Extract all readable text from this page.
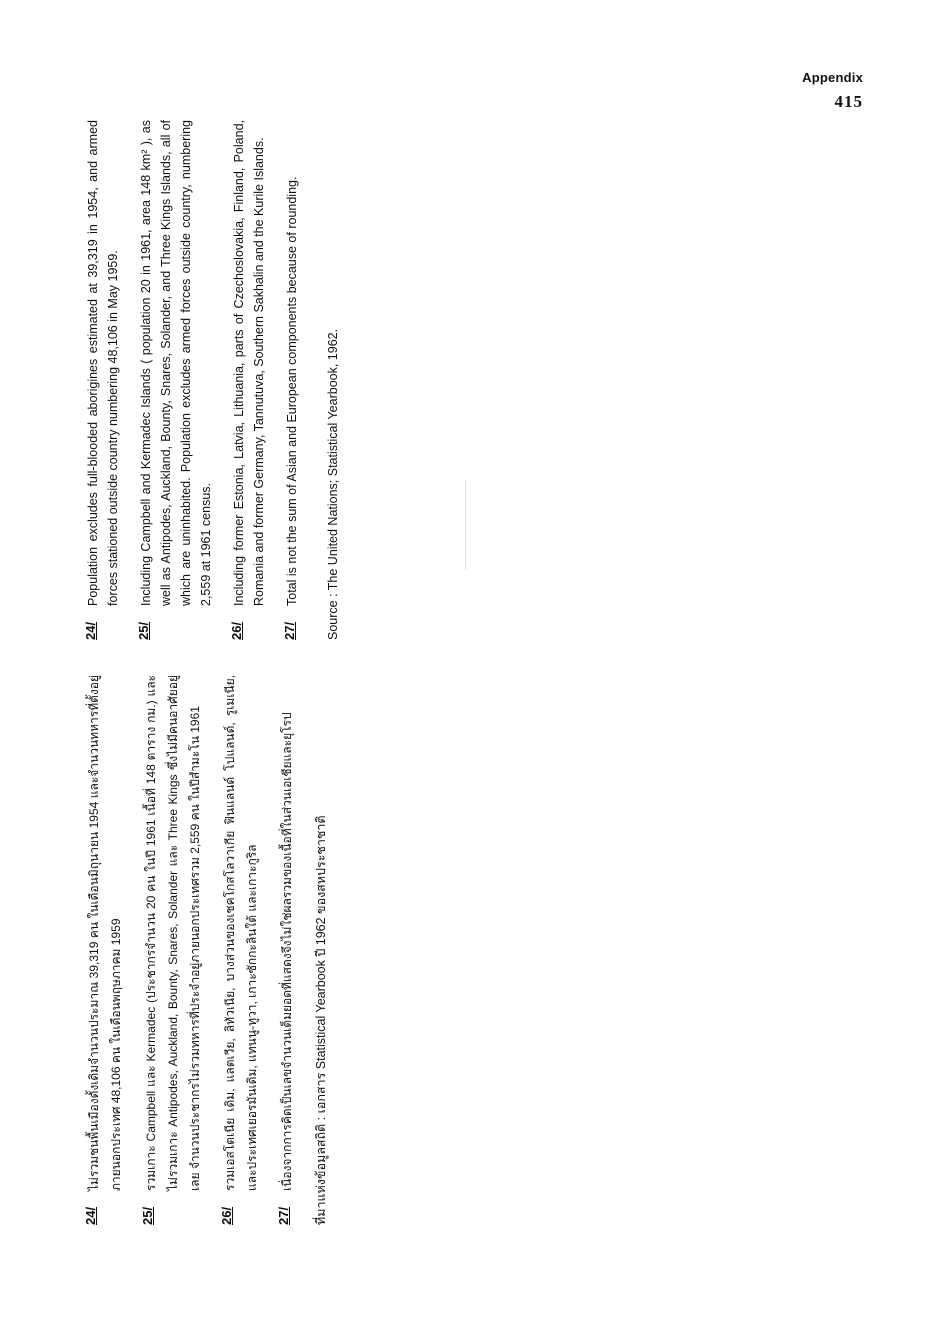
Appendix
415
24/
Population excludes full-blooded aborigines estimated at 39,319 in 1954, and armed forces stationed outside country numbering 48,106 in May 1959.
25/
Including Campbell and Kermadec Islands ( population 20 in 1961, area 148 km² ), as well as Antipodes, Auckland, Bounty, Snares, Solander, and Three Kings Islands, all of which are uninhabited. Population excludes armed forces outside country, numbering 2,559 at 1961 census.
26/
Including former Estonia, Latvia, Lithuania, parts of Czechoslovakia, Finland, Poland, Romania and former Germany, Tannutuva, Southern Sakhalin and the Kurile Islands.
27/
Total is not the sum of Asian and European components because of rounding. Source : The United Nations; Statistical Yearbook, 1962.
24/
ไม่รวมชนพื้นเมืองดั้งเดิมจำนวนประมาณ 39,319 คน ในเดือนมิถุนายน 1954 และจำนวนทหารที่ตั้งอยู่ภายนอกประเทศ 48,106 คน ในเดือนพฤษภาคม 1959
25/
รวมเกาะ Campbell และ Kermadec (ประชากรจำนวน 20 คน ในปี 1961 เนื้อที่ 148 ตาราง กม.) และไม่รวมเกาะ Antipodes, Auckland, Bounty, Snares, Solander และ Three Kings ซึ่งไม่มีคนอาศัยอยู่เลย จำนวนประชากรไม่รวมทหารที่ประจำอยู่ภายนอกประเทศรวม 2,559 คน ในปีสำมะโน 1961
26/
รวมเอสโตเนีย เดิม, แลตเวีย, ลิทัวเนีย, บางส่วนของเชคโกสโลวาเกีย ฟินแลนด์ โปแลนด์, รูเมเนีย, และประเทศเยอรมันเดิม, แทนนู-ทูวา, เกาะซักกะลินใต้ และเกาะกูริล
27/
เนื่องจากการคิดเป็นเลขจำนวนเต็มยอดที่แสดงจึงไม่ใช่ผลรวมของเนื้อที่ในส่วนเอเชียและยุโรป	ที่มาแห่งข้อมูลสถิติ : เอกสาร Statistical Yearbook ปี 1962 ของสหประชาชาติ
